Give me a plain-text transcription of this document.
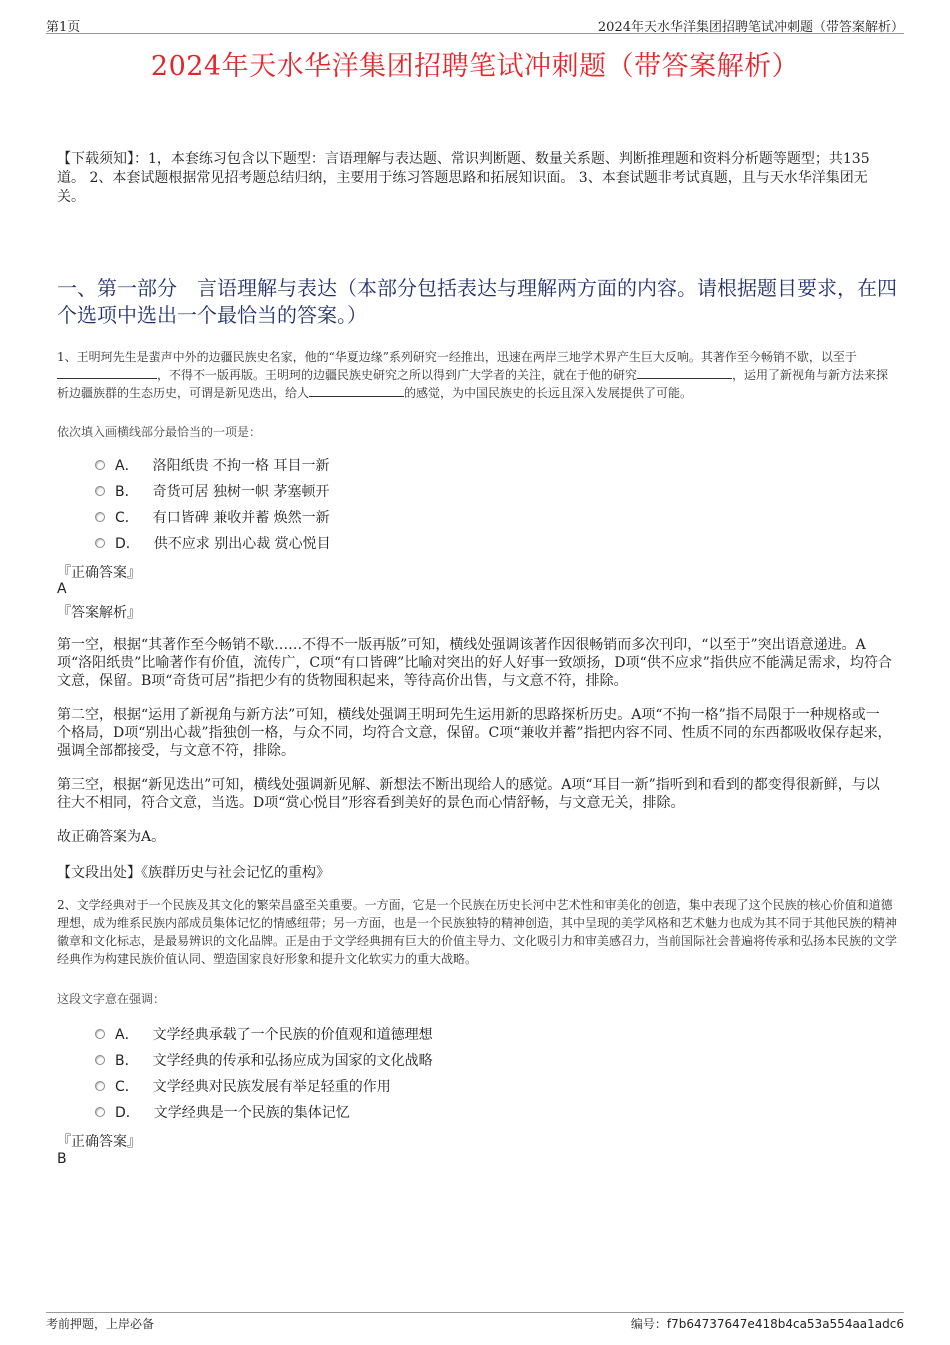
第1页	2024年天水华洋集团招聘笔试冲刺题（带答案解析）
2024年天水华洋集团招聘笔试冲刺题（带答案解析）
【下载须知】：1，本套练习包含以下题型：言语理解与表达题、常识判断题、数量关系题、判断推理题和资料分析题等题型；共135道。 2、本套试题根据常见招考题总结归纳，主要用于练习答题思路和拓展知识面。 3、本套试题非考试真题，且与天水华洋集团无关。
一、第一部分　言语理解与表达（本部分包括表达与理解两方面的内容。请根据题目要求，在四个选项中选出一个最恰当的答案。）
1、王明珂先生是蜚声中外的边疆民族史名家，他的“华夏边缘”系列研究一经推出，迅速在两岸三地学术界产生巨大反响。其著作至今畅销不歇，以至于，不得不一版再版。王明珂的边疆民族史研究之所以得到广大学者的关注，就在于他的研究	，运用了新视角与新方法来探析边疆族群的生态历史，可谓是新见迭出，给人	的感觉，为中国民族史的长远且深入发展提供了可能。
依次填入画横线部分最恰当的一项是：
A． 洛阳纸贵 不拘一格 耳目一新
B． 奇货可居 独树一帜 茅塞顿开
C． 有口皆碑 兼收并蓄 焕然一新
D． 供不应求 别出心裁 赏心悦目
『正确答案』
A
『答案解析』
第一空，根据“其著作至今畅销不歇……不得不一版再版”可知，横线处强调该著作因很畅销而多次刊印，“以至于”突出语意递进。A项“洛阳纸贵”比喻著作有价值，流传广，C项“有口皆碑”比喻对突出的好人好事一致颂扬，D项“供不应求”指供应不能满足需求，均符合文意，保留。B项“奇货可居”指把少有的货物囤积起来，等待高价出售，与文意不符，排除。
第二空，根据“运用了新视角与新方法”可知，横线处强调王明珂先生运用新的思路探析历史。A项“不拘一格”指不局限于一种规格或一个格局，D项“别出心裁”指独创一格，与众不同，均符合文意，保留。C项“兼收并蓄”指把内容不同、性质不同的东西都吸收保存起来，强调全部都接受，与文意不符，排除。
第三空，根据“新见迭出”可知，横线处强调新见解、新想法不断出现给人的感觉。A项“耳目一新”指听到和看到的都变得很新鲜，与以往大不相同，符合文意，当选。D项“赏心悦目”形容看到美好的景色而心情舒畅，与文意无关，排除。
故正确答案为A。
【文段出处】《族群历史与社会记忆的重构》
2、文学经典对于一个民族及其文化的繁荣昌盛至关重要。一方面，它是一个民族在历史长河中艺术性和审美化的创造，集中表现了这个民族的核心价值和道德理想，成为维系民族内部成员集体记忆的情感纽带；另一方面，也是一个民族独特的精神创造，其中呈现的美学风格和艺术魅力也成为其不同于其他民族的精神徽章和文化标志，是最易辨识的文化品牌。正是由于文学经典拥有巨大的价值主导力、文化吸引力和审美感召力，当前国际社会普遍将传承和弘扬本民族的文学经典作为构建民族价值认同、塑造国家良好形象和提升文化软实力的重大战略。
这段文字意在强调：
A． 文学经典承载了一个民族的价值观和道德理想
B． 文学经典的传承和弘扬应成为国家的文化战略
C． 文学经典对民族发展有举足轻重的作用
D． 文学经典是一个民族的集体记忆
『正确答案』
B
考前押题，上岸必备	编号：f7b64737647e418b4ca53a554aa1adc6
